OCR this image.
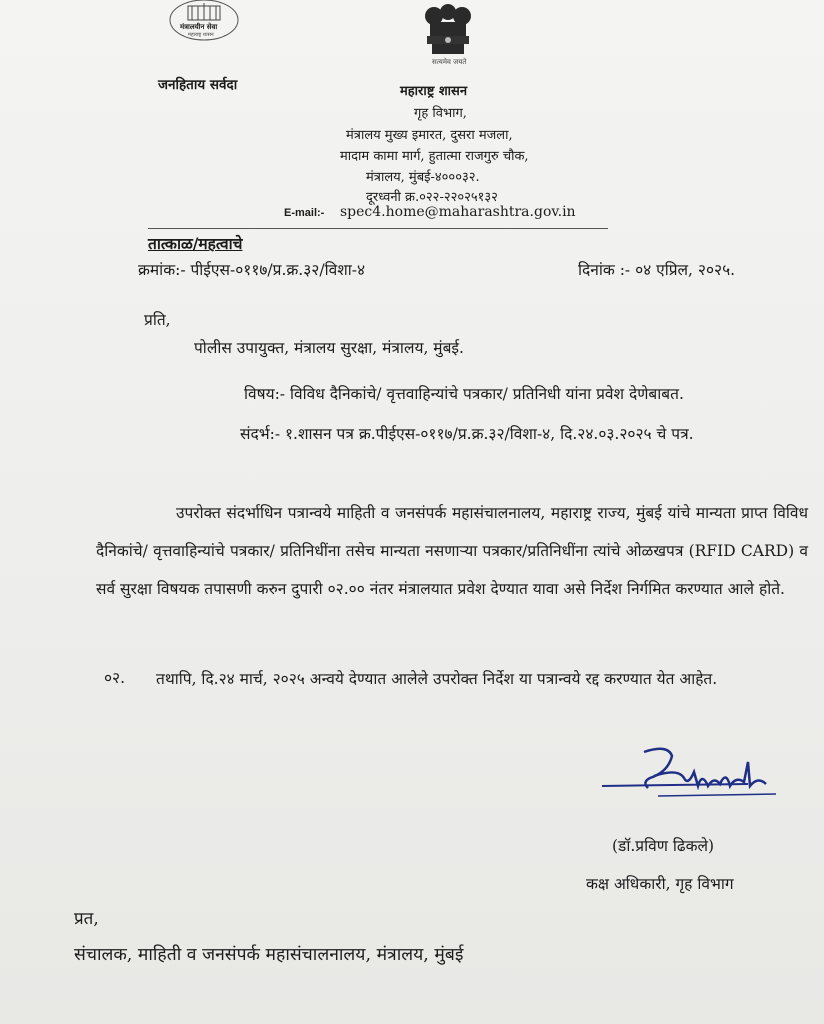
मंत्रालयीन सेवा
महाराष्ट्र शासन
सत्यमेव जयते
जनहिताय सर्वदा	महाराष्ट्र शासन
गृह विभाग,
मंत्रालय मुख्य इमारत, दुसरा मजला,
मादाम कामा मार्ग, हुतात्मा राजगुरु चौक,
मंत्रालय, मुंबई-४०००३२.
दूरध्वनी क्र.०२२-२२०२५१३२
E-mail:- spec4.home@maharashtra.gov.in
तात्काळ/महत्वाचे
क्रमांक:- पीईएस-०११७/प्र.क्र.३२/विशा-४	दिनांक :- ०४ एप्रिल, २०२५.
प्रति,
पोलीस उपायुक्त, मंत्रालय सुरक्षा, मंत्रालय, मुंबई.
विषय:- विविध दैनिकांचे/ वृत्तवाहिन्यांचे पत्रकार/ प्रतिनिधी यांना प्रवेश देणेबाबत.
संदर्भ:- १.शासन पत्र क्र.पीईएस-०११७/प्र.क्र.३२/विशा-४, दि.२४.०३.२०२५ चे पत्र.
उपरोक्त संदर्भाधिन पत्रान्वये माहिती व जनसंपर्क महासंचालनालय, महाराष्ट्र राज्य, मुंबई यांचे मान्यता प्राप्त विविध दैनिकांचे/ वृत्तवाहिन्यांचे पत्रकार/ प्रतिनिधींना तसेच मान्यता नसणाऱ्या पत्रकार/प्रतिनिधींना त्यांचे ओळखपत्र (RFID CARD) व सर्व सुरक्षा विषयक तपासणी करुन दुपारी ०२.०० नंतर मंत्रालयात प्रवेश देण्यात यावा असे निर्देश निर्गमित करण्यात आले होते.
०२.	तथापि, दि.२४ मार्च, २०२५ अन्वये देण्यात आलेले उपरोक्त निर्देश या पत्रान्वये रद्द करण्यात येत आहेत.
(डॉ.प्रविण ढिकले)
कक्ष अधिकारी, गृह विभाग
प्रत,
संचालक, माहिती व जनसंपर्क महासंचालनालय, मंत्रालय, मुंबई
